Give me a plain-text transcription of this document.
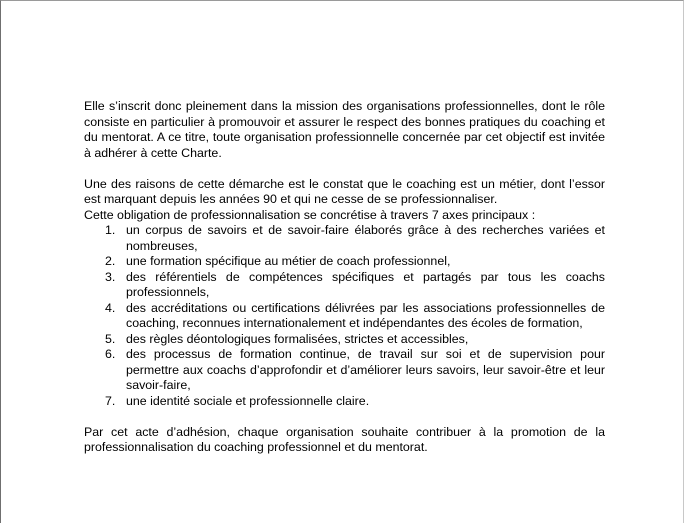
Elle s’inscrit donc pleinement dans la mission des organisations professionnelles, dont le rôle consiste en particulier à promouvoir et assurer le respect des bonnes pratiques du coaching et du mentorat. A ce titre, toute organisation professionnelle concernée par cet objectif est invitée à adhérer à cette Charte.

Une des raisons de cette démarche est le constat que le coaching est un métier, dont l’essor est marquant depuis les années 90 et qui ne cesse de se professionnaliser.

Cette obligation de professionnalisation se concrétise à travers 7 axes principaux :

1. un corpus de savoirs et de savoir-faire élaborés grâce à des recherches variées et nombreuses,
2. une formation spécifique au métier de coach professionnel,
3. des référentiels de compétences spécifiques et partagés par tous les coachs professionnels,
4. des accréditations ou certifications délivrées par les associations professionnelles de coaching, reconnues internationalement et indépendantes des écoles de formation,
5. des règles déontologiques formalisées, strictes et accessibles,
6. des processus de formation continue, de travail sur soi et de supervision pour permettre aux coachs d’approfondir et d’améliorer leurs savoirs, leur savoir-être et leur savoir-faire,
7. une identité sociale et professionnelle claire.

Par cet acte d’adhésion, chaque organisation souhaite contribuer à la promotion de la professionnalisation du coaching professionnel et du mentorat.
